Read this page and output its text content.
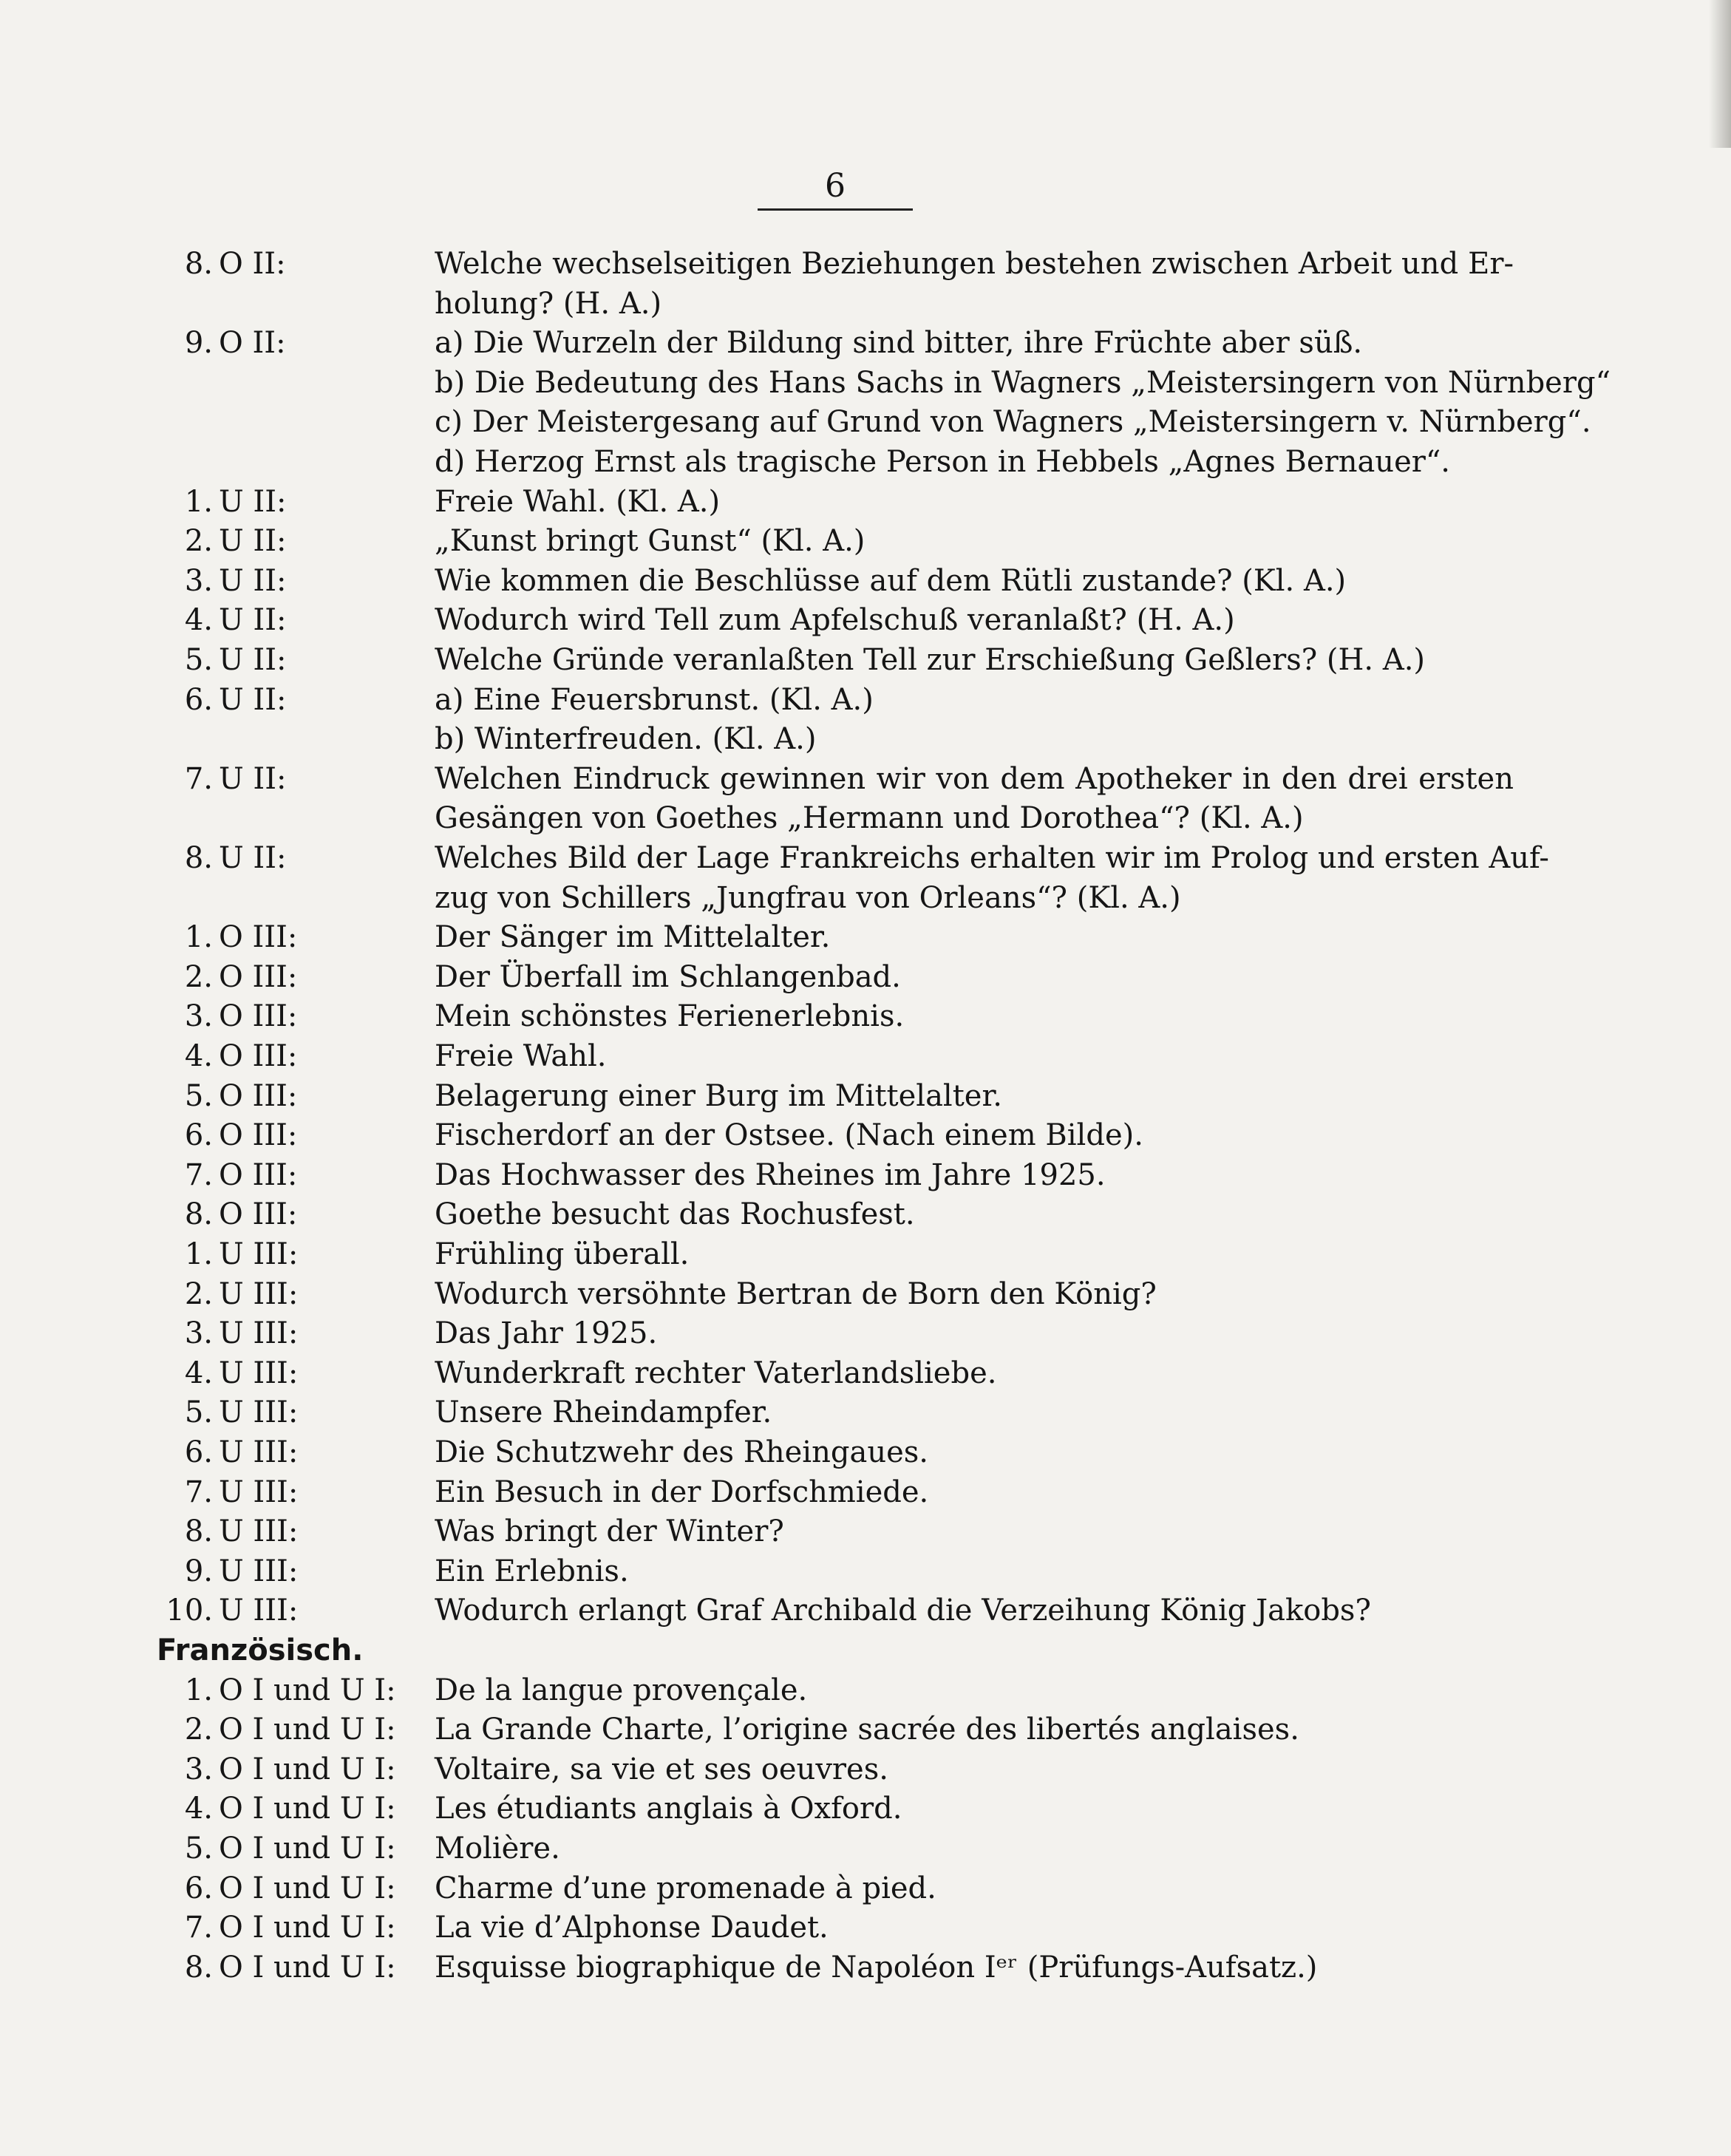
6
8. O II:	Welche wechselseitigen Beziehungen bestehen zwischen Arbeit und Er-
holung? (H. A.)
9. O II:	a) Die Wurzeln der Bildung sind bitter, ihre Früchte aber süß.
b) Die Bedeutung des Hans Sachs in Wagners „Meistersingern von Nürnberg“
c) Der Meistergesang auf Grund von Wagners „Meistersingern v. Nürnberg“.
d) Herzog Ernst als tragische Person in Hebbels „Agnes Bernauer“.
1. U II:	Freie Wahl. (Kl. A.)
2. U II:	„Kunst bringt Gunst“ (Kl. A.)
3. U II:	Wie kommen die Beschlüsse auf dem Rütli zustande? (Kl. A.)
4. U II:	Wodurch wird Tell zum Apfelschuß veranlaßt? (H. A.)
5. U II:	Welche Gründe veranlaßten Tell zur Erschießung Geßlers? (H. A.)
6. U II:	a) Eine Feuersbrunst. (Kl. A.)
b) Winterfreuden. (Kl. A.)
7. U II:	Welchen Eindruck gewinnen wir von dem Apotheker in den drei ersten
Gesängen von Goethes „Hermann und Dorothea“? (Kl. A.)
8. U II:	Welches Bild der Lage Frankreichs erhalten wir im Prolog und ersten Auf-
zug von Schillers „Jungfrau von Orleans“? (Kl. A.)
1. O III:	Der Sänger im Mittelalter.
2. O III:	Der Überfall im Schlangenbad.
3. O III:	Mein schönstes Ferienerlebnis.
4. O III:	Freie Wahl.
5. O III:	Belagerung einer Burg im Mittelalter.
6. O III:	Fischerdorf an der Ostsee. (Nach einem Bilde).
7. O III:	Das Hochwasser des Rheines im Jahre 1925.
8. O III:	Goethe besucht das Rochusfest.
1. U III:	Frühling überall.
2. U III:	Wodurch versöhnte Bertran de Born den König?
3. U III:	Das Jahr 1925.
4. U III:	Wunderkraft rechter Vaterlandsliebe.
5. U III:	Unsere Rheindampfer.
6. U III:	Die Schutzwehr des Rheingaues.
7. U III:	Ein Besuch in der Dorfschmiede.
8. U III:	Was bringt der Winter?
9. U III:	Ein Erlebnis.
10. U III:	Wodurch erlangt Graf Archibald die Verzeihung König Jakobs?
Französisch.
1. O I und U I: De la langue provençale.
2. O I und U I: La Grande Charte, l’origine sacrée des libertés anglaises.
3. O I und U I: Voltaire, sa vie et ses oeuvres.
4. O I und U I: Les étudiants anglais à Oxford.
5. O I und U I: Molière.
6. O I und U I: Charme d’une promenade à pied.
7. O I und U I: La vie d’Alphonse Daudet.
8. O I und U I: Esquisse biographique de Napoléon Iᵉʳ (Prüfungs-Aufsatz.)
